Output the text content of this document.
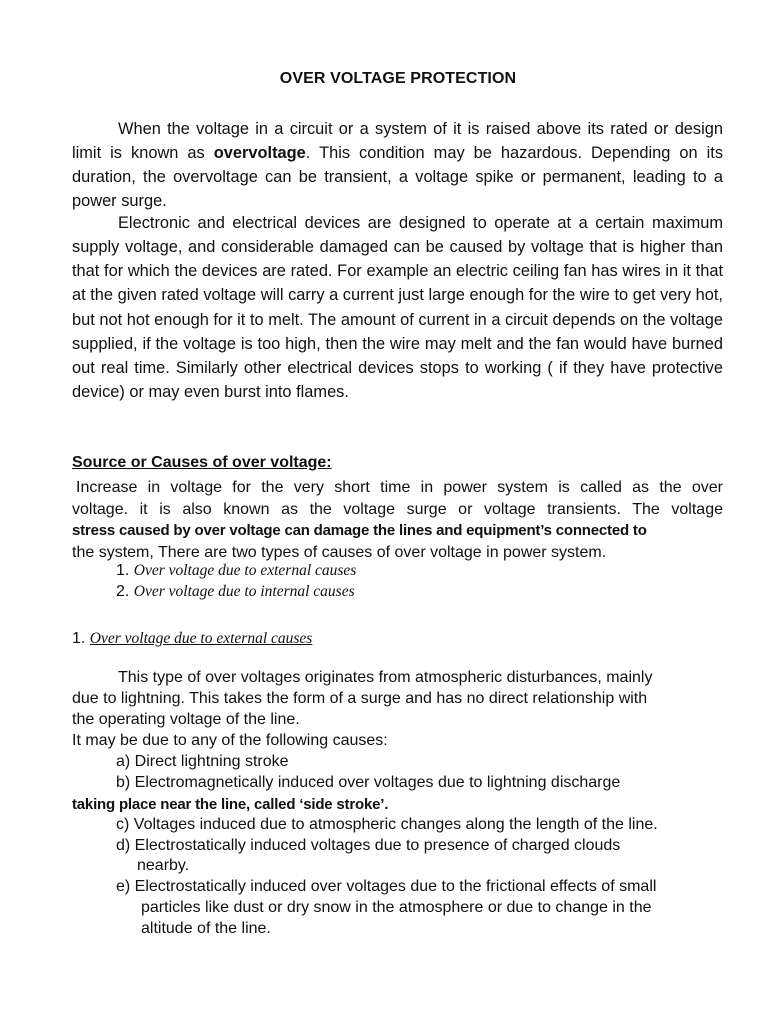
OVER VOLTAGE PROTECTION

When the voltage in a circuit or a system of it is raised above its rated or design limit is known as overvoltage. This condition may be hazardous. Depending on its duration, the overvoltage can be transient, a voltage spike or permanent, leading to a power surge.

Electronic and electrical devices are designed to operate at a certain maximum supply voltage, and considerable damaged can be caused by voltage that is higher than that for which the devices are rated. For example an electric ceiling fan has wires in it that at the given rated voltage will carry a current just large enough for the wire to get very hot, but not hot enough for it to melt. The amount of current in a circuit depends on the voltage supplied, if the voltage is too high, then the wire may melt and the fan would have burned out real time. Similarly other electrical devices stops to working ( if they have protective device) or may even burst into flames.

Source or Causes of over voltage:
Increase in voltage for the very short time in power system is called as the over
voltage. it is also known as the voltage surge or voltage transients. The voltage
stress caused by over voltage can damage the lines and equipment’s connected to
the system, There are two types of causes of over voltage in power system.
1. Over voltage due to external causes
2. Over voltage due to internal causes
1. Over voltage due to external causes
This type of over voltages originates from atmospheric disturbances, mainly
due to lightning. This takes the form of a surge and has no direct relationship with
the operating voltage of the line.
It may be due to any of the following causes:
a) Direct lightning stroke
b) Electromagnetically induced over voltages due to lightning discharge
taking place near the line, called ‘side stroke’.
c) Voltages induced due to atmospheric changes along the length of the line.
d) Electrostatically induced voltages due to presence of charged clouds
nearby.
e) Electrostatically induced over voltages due to the frictional effects of small
particles like dust or dry snow in the atmosphere or due to change in the
altitude of the line.
